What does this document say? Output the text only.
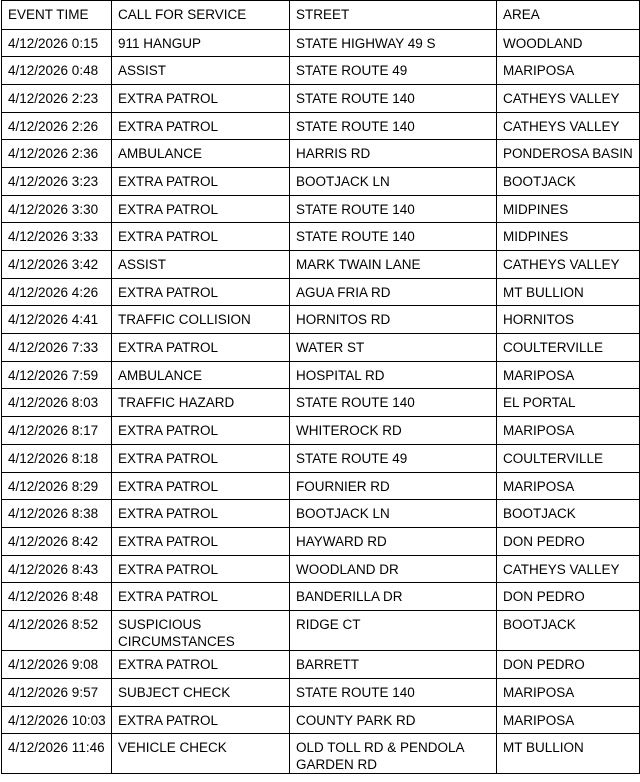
EVENT TIME	CALL FOR SERVICE	STREET	AREA
4/12/2026 0:15	911 HANGUP	STATE HIGHWAY 49 S	WOODLAND
4/12/2026 0:48	ASSIST	STATE ROUTE 49	MARIPOSA
4/12/2026 2:23	EXTRA PATROL	STATE ROUTE 140	CATHEYS VALLEY
4/12/2026 2:26	EXTRA PATROL	STATE ROUTE 140	CATHEYS VALLEY
4/12/2026 2:36	AMBULANCE	HARRIS RD	PONDEROSA BASIN
4/12/2026 3:23	EXTRA PATROL	BOOTJACK LN	BOOTJACK
4/12/2026 3:30	EXTRA PATROL	STATE ROUTE 140	MIDPINES
4/12/2026 3:33	EXTRA PATROL	STATE ROUTE 140	MIDPINES
4/12/2026 3:42	ASSIST	MARK TWAIN LANE	CATHEYS VALLEY
4/12/2026 4:26	EXTRA PATROL	AGUA FRIA RD	MT BULLION
4/12/2026 4:41	TRAFFIC COLLISION	HORNITOS RD	HORNITOS
4/12/2026 7:33	EXTRA PATROL	WATER ST	COULTERVILLE
4/12/2026 7:59	AMBULANCE	HOSPITAL RD	MARIPOSA
4/12/2026 8:03	TRAFFIC HAZARD	STATE ROUTE 140	EL PORTAL
4/12/2026 8:17	EXTRA PATROL	WHITEROCK RD	MARIPOSA
4/12/2026 8:18	EXTRA PATROL	STATE ROUTE 49	COULTERVILLE
4/12/2026 8:29	EXTRA PATROL	FOURNIER RD	MARIPOSA
4/12/2026 8:38	EXTRA PATROL	BOOTJACK LN	BOOTJACK
4/12/2026 8:42	EXTRA PATROL	HAYWARD RD	DON PEDRO
4/12/2026 8:43	EXTRA PATROL	WOODLAND DR	CATHEYS VALLEY
4/12/2026 8:48	EXTRA PATROL	BANDERILLA DR	DON PEDRO
4/12/2026 8:52	SUSPICIOUS CIRCUMSTANCES	RIDGE CT	BOOTJACK
4/12/2026 9:08	EXTRA PATROL	BARRETT	DON PEDRO
4/12/2026 9:57	SUBJECT CHECK	STATE ROUTE 140	MARIPOSA
4/12/2026 10:03	EXTRA PATROL	COUNTY PARK RD	MARIPOSA
4/12/2026 11:46	VEHICLE CHECK	OLD TOLL RD & PENDOLA GARDEN RD	MT BULLION
